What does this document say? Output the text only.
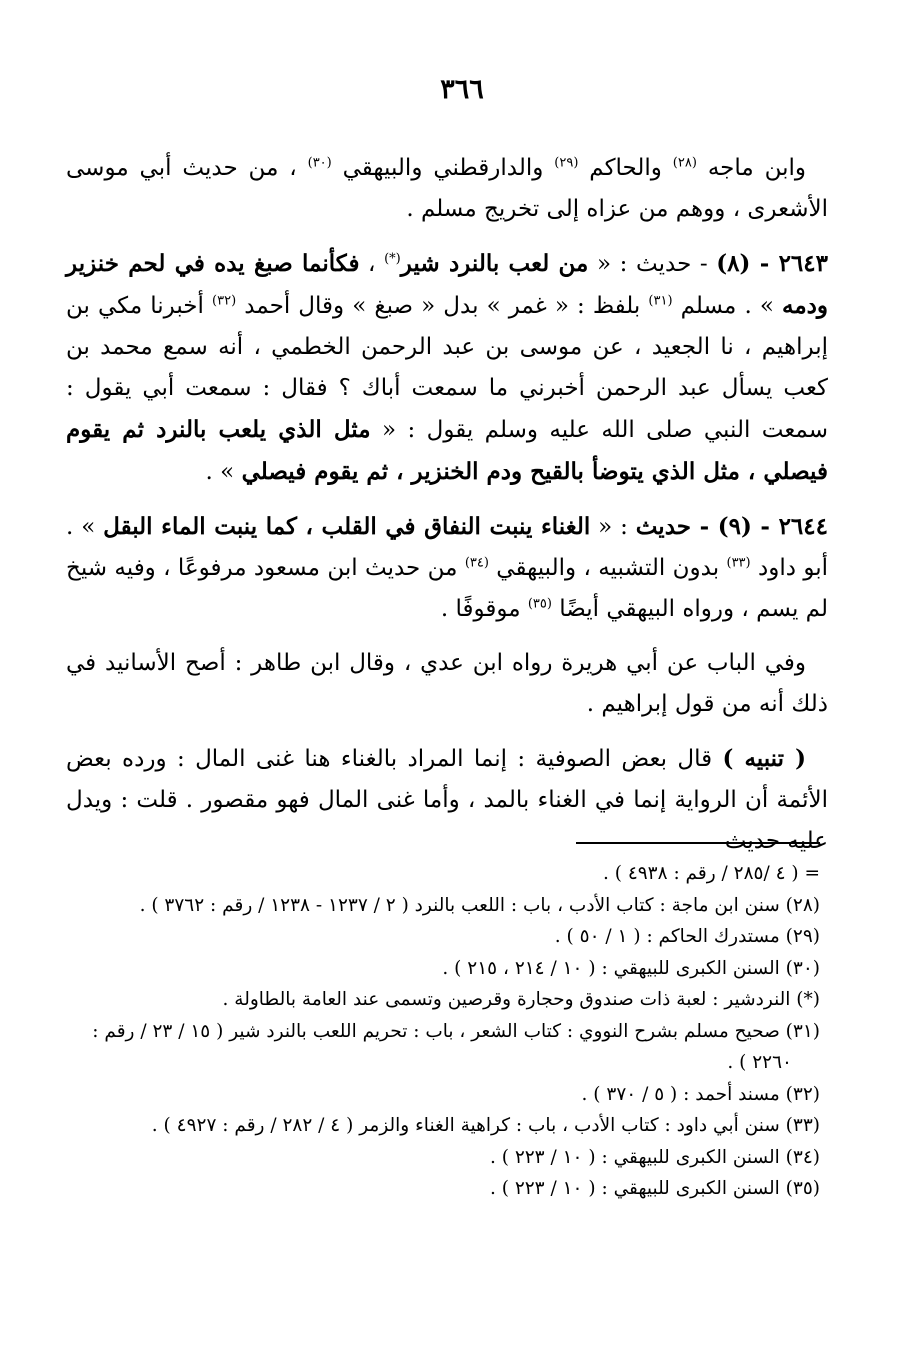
٣٦٦

وابن ماجه $^{(٢٨)}$ والحاكم $^{(٢٩)}$ والدارقطني والبيهقي $^{(٣٠)}$ ، من حديث أبي موسى الأشعرى ، ووهم من عزاه إلى تخريج مسلم .

٢٦٤٣ - (٨) - حديث : « من لعب بالنرد شير(*) ، فكأنما صبغ يده في لحم خنزير ودمه » . مسلم $^{(٣١)}$ بلفظ : « غمر » بدل « صبغ » وقال أحمد $^{(٣٢)}$ أخبرنا مكي بن إبراهيم ، نا الجعيد ، عن موسى بن عبد الرحمن الخطمي ، أنه سمع محمد بن كعب يسأل عبد الرحمن أخبرني ما سمعت أباك ؟ فقال : سمعت أبي يقول : سمعت النبي صلى الله عليه وسلم يقول : « مثل الذي يلعب بالنرد ثم يقوم فيصلي ، مثل الذي يتوضأ بالقيح ودم الخنزير ، ثم يقوم فيصلي » .

٢٦٤٤ - (٩) - حديث : « الغناء ينبت النفاق في القلب ، كما ينبت الماء البقل » . أبو داود $^{(٣٣)}$ بدون التشبيه ، والبيهقي $^{(٣٤)}$ من حديث ابن مسعود مرفوعًا ، وفيه شيخ لم يسم ، ورواه البيهقي أيضًا $^{(٣٥)}$ موقوفًا .

وفي الباب عن أبي هريرة رواه ابن عدي ، وقال ابن طاهر : أصح الأسانيد في ذلك أنه من قول إبراهيم .

( تنبيه ) قال بعض الصوفية : إنما المراد بالغناء هنا غنى المال : ورده بعض الأئمة أن الرواية إنما في الغناء بالمد ، وأما غنى المال فهو مقصور . قلت : ويدل عليه حديث

= ( ٤ /٢٨٥ / رقم : ٤٩٣٨ ) .

(٢٨) سنن ابن ماجة : كتاب الأدب ، باب : اللعب بالنرد ( ٢ / ١٢٣٧ - ١٢٣٨ / رقم : ٣٧٦٢ ) .

(٢٩) مستدرك الحاكم : ( ١ / ٥٠ ) .

(٣٠) السنن الكبرى للبيهقي : ( ١٠ / ٢١٤ ، ٢١٥ ) .

(*) النردشير : لعبة ذات صندوق وحجارة وقرصين وتسمى عند العامة بالطاولة .

(٣١) صحيح مسلم بشرح النووي : كتاب الشعر ، باب : تحريم اللعب بالنرد شير ( ١٥ / ٢٣ / رقم : ٢٢٦٠ ) .

(٣٢) مسند أحمد : ( ٥ / ٣٧٠ ) .

(٣٣) سنن أبي داود : كتاب الأدب ، باب : كراهية الغناء والزمر ( ٤ / ٢٨٢ / رقم : ٤٩٢٧ ) .

(٣٤) السنن الكبرى للبيهقي : ( ١٠ / ٢٢٣ ) .

(٣٥) السنن الكبرى للبيهقي : ( ١٠ / ٢٢٣ ) .
